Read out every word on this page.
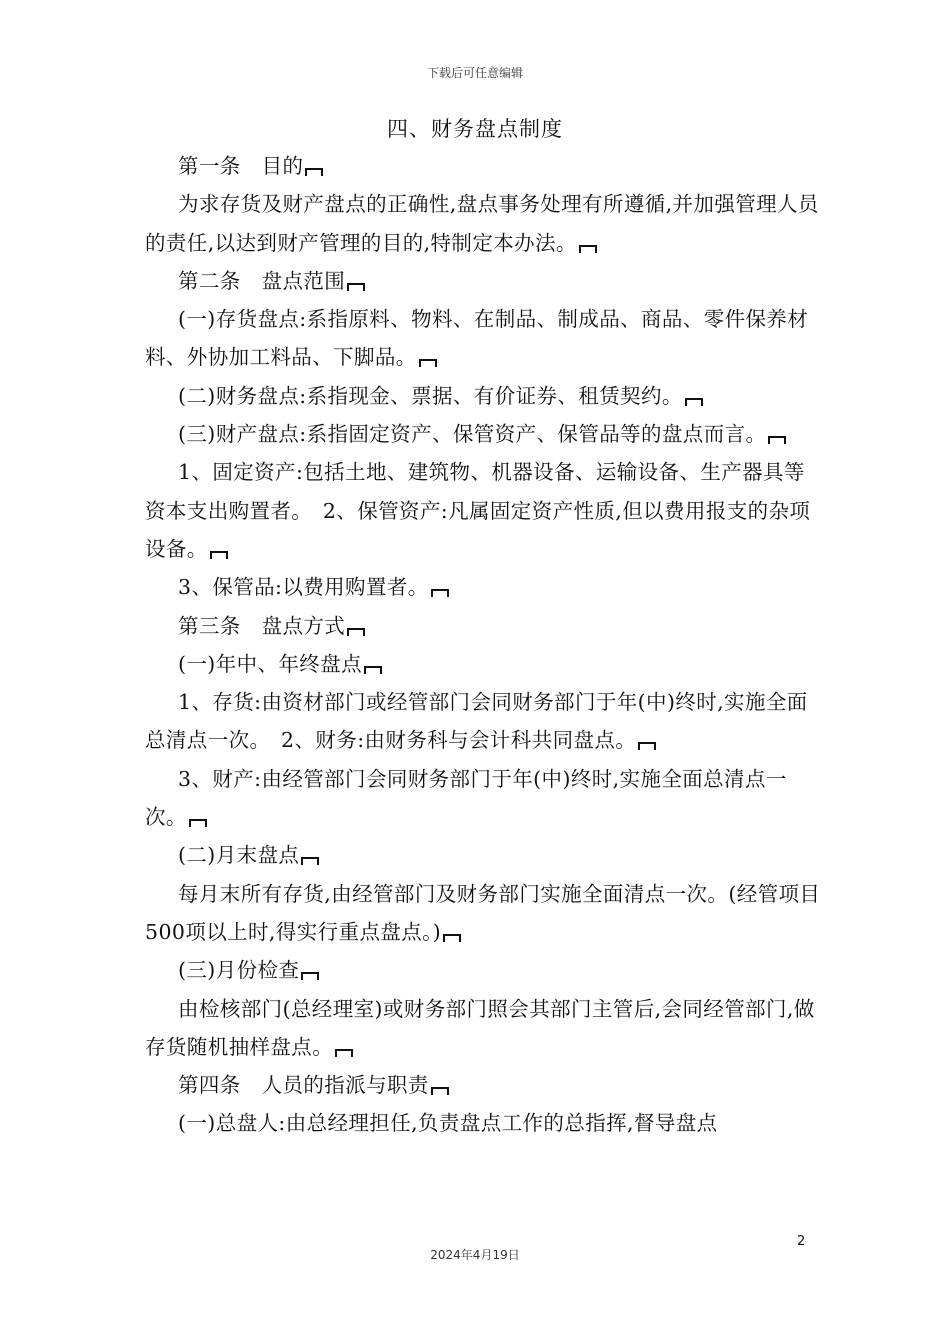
下载后可任意编辑
四、财务盘点制度

第一条　目的

为求存货及财产盘点的正确性,盘点事务处理有所遵循,并加强管理人员的责任,以达到财产管理的目的,特制定本办法。

第二条　盘点范围

(一)存货盘点:系指原料、物料、在制品、制成品、商品、零件保养材料、外协加工料品、下脚品。

(二)财务盘点:系指现金、票据、有价证券、租赁契约。

(三)财产盘点:系指固定资产、保管资产、保管品等的盘点而言。

1、固定资产:包括土地、建筑物、机器设备、运输设备、生产器具等资本支出购置者。　2、保管资产:凡属固定资产性质,但以费用报支的杂项设备。

3、保管品:以费用购置者。

第三条　盘点方式

(一)年中、年终盘点

1、存货:由资材部门或经管部门会同财务部门于年(中)终时,实施全面总清点一次。　2、财务:由财务科与会计科共同盘点。

3、财产:由经管部门会同财务部门于年(中)终时,实施全面总清点一次。

(二)月末盘点

每月末所有存货,由经管部门及财务部门实施全面清点一次。(经管项目500项以上时,得实行重点盘点。)

(三)月份检查

由检核部门(总经理室)或财务部门照会其部门主管后,会同经管部门,做存货随机抽样盘点。

第四条　人员的指派与职责

(一)总盘人:由总经理担任,负责盘点工作的总指挥,督导盘点

2
2024年4月19日
